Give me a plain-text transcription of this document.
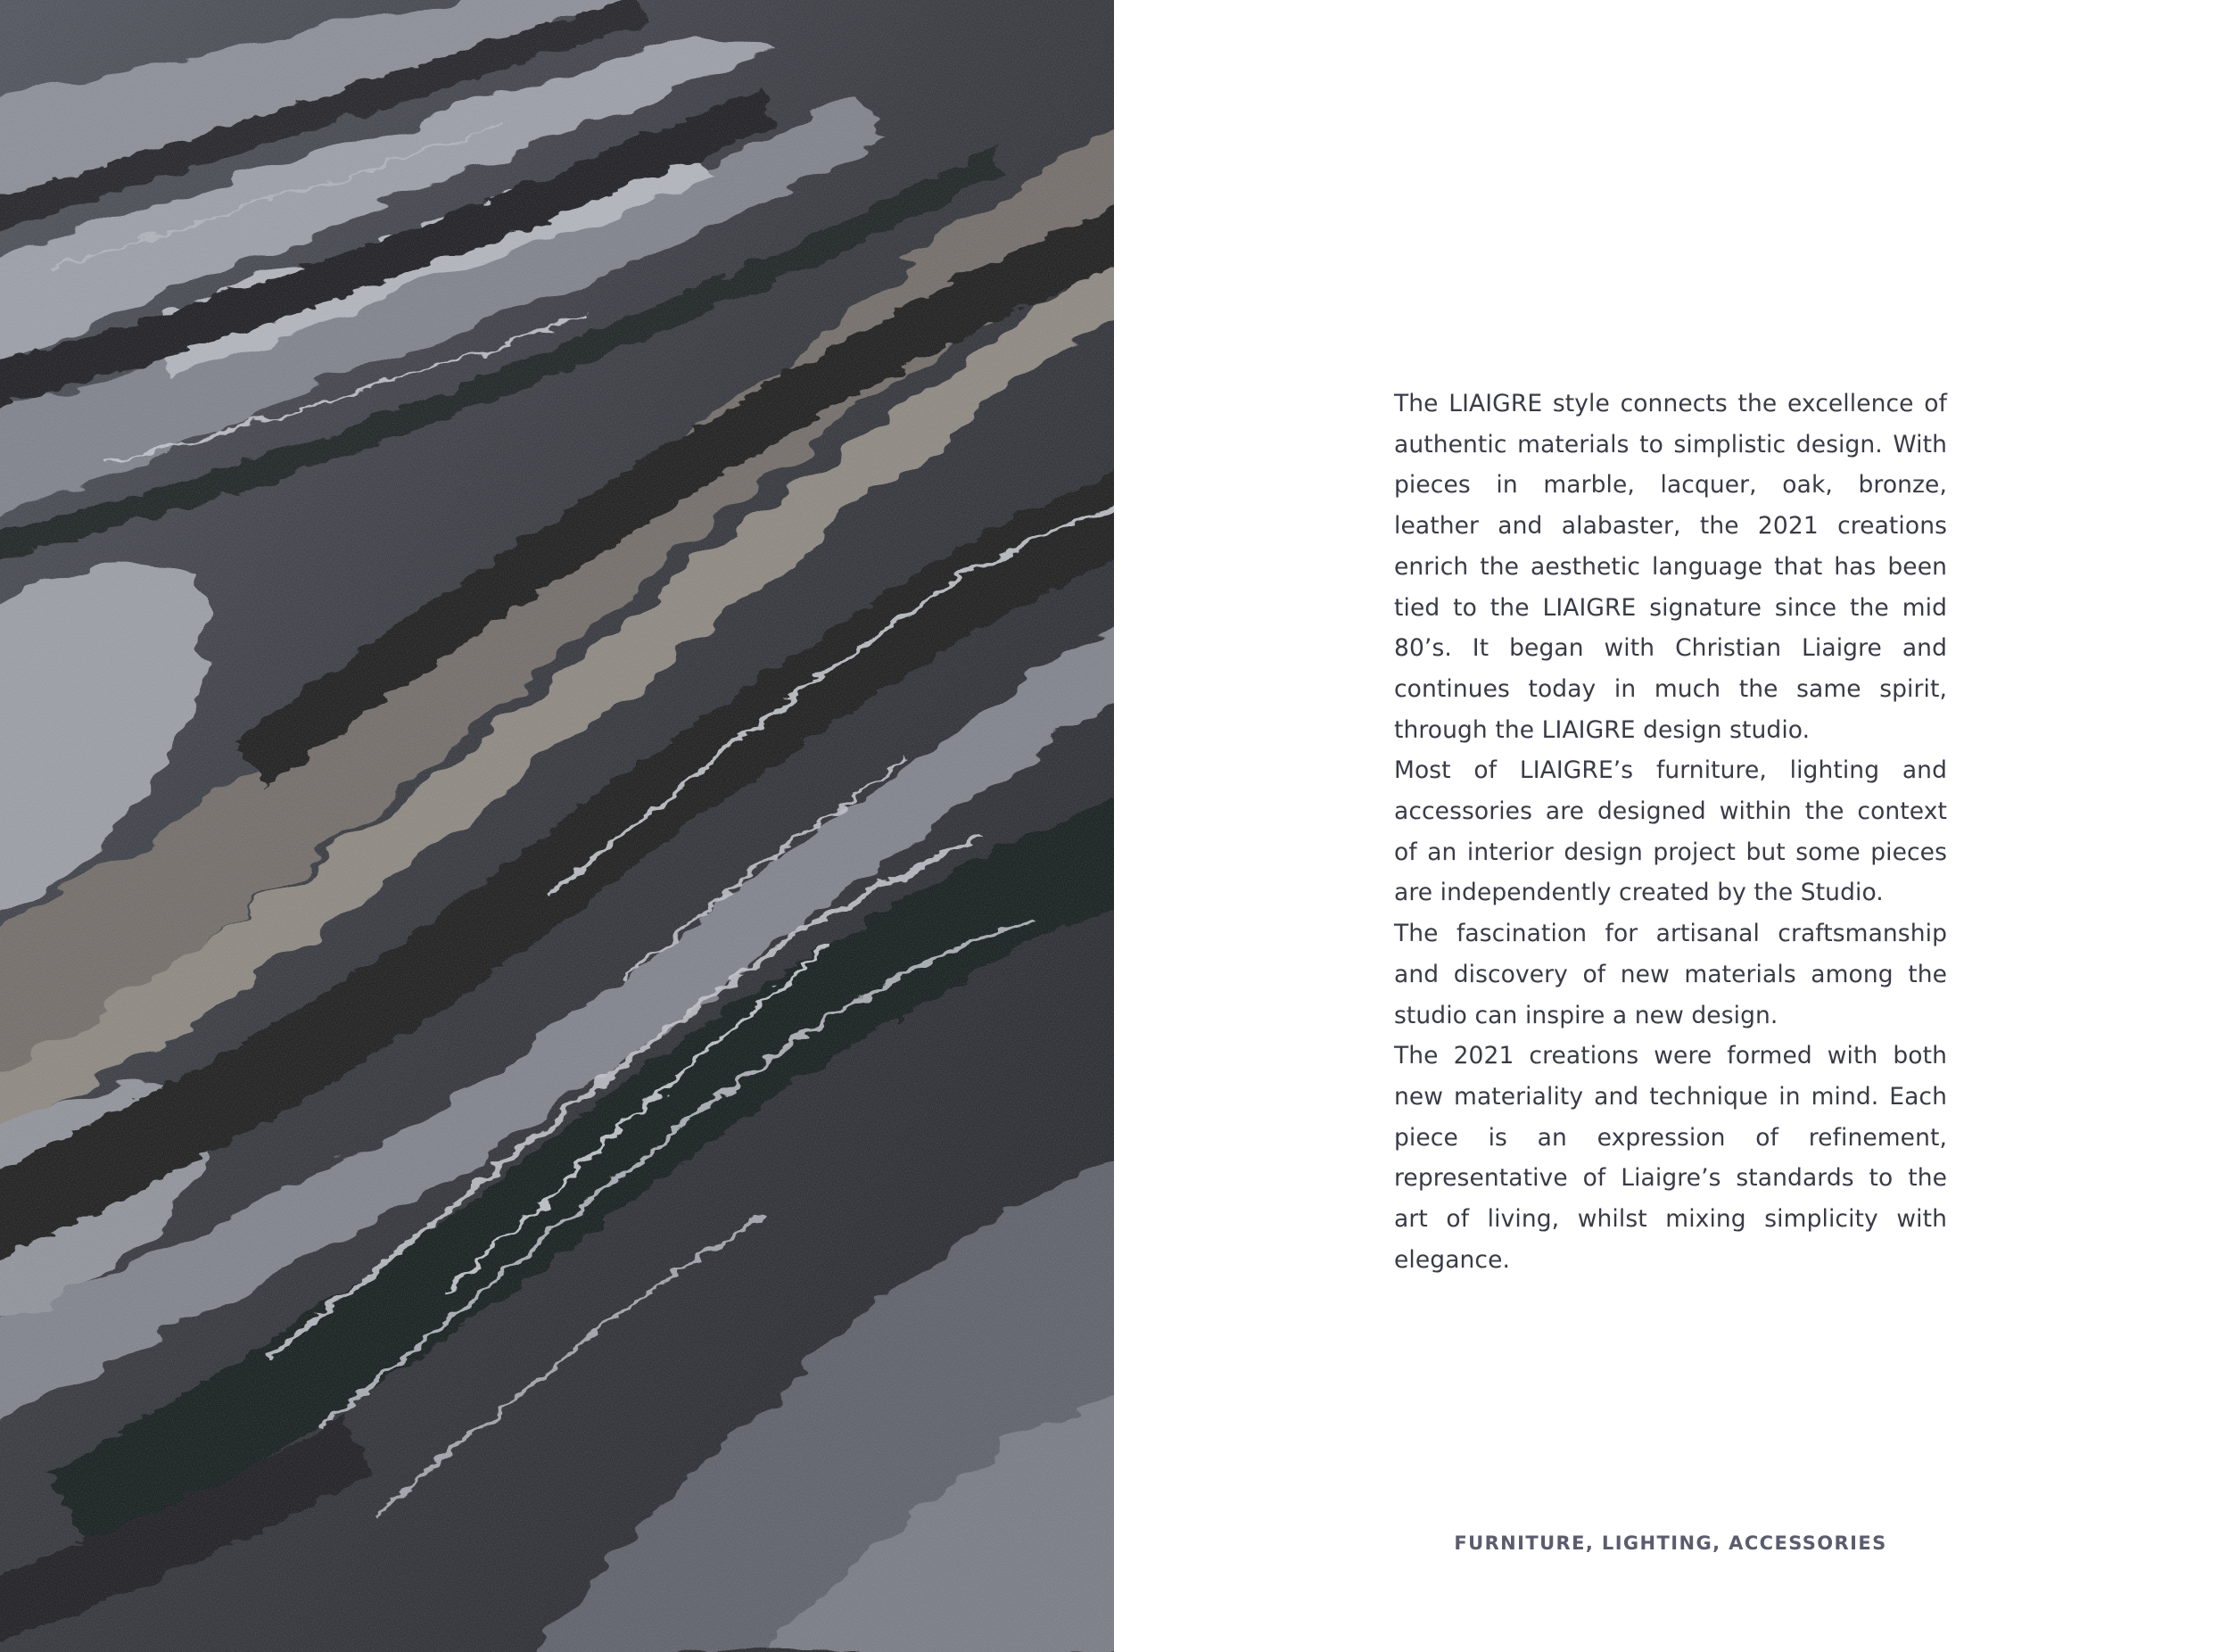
The LIAIGRE style connects the excellence of authentic materials to simplistic design. With pieces in marble, lacquer, oak, bronze, leather and alabaster, the 2021 creations enrich the aesthetic language that has been tied to the LIAIGRE signature since the mid 80’s. It began with Christian Liaigre and continues today in much the same spirit, through the LIAIGRE design studio.

Most of LIAIGRE’s furniture, lighting and accessories are designed within the context of an interior design project but some pieces are independently created by the Studio.

The fascination for artisanal craftsmanship and discovery of new materials among the studio can inspire a new design.

The 2021 creations were formed with both new materiality and technique in mind. Each piece is an expression of refinement, representative of Liaigre’s standards to the art of living, whilst mixing simplicity with elegance.

FURNITURE, LIGHTING, ACCESSORIES
